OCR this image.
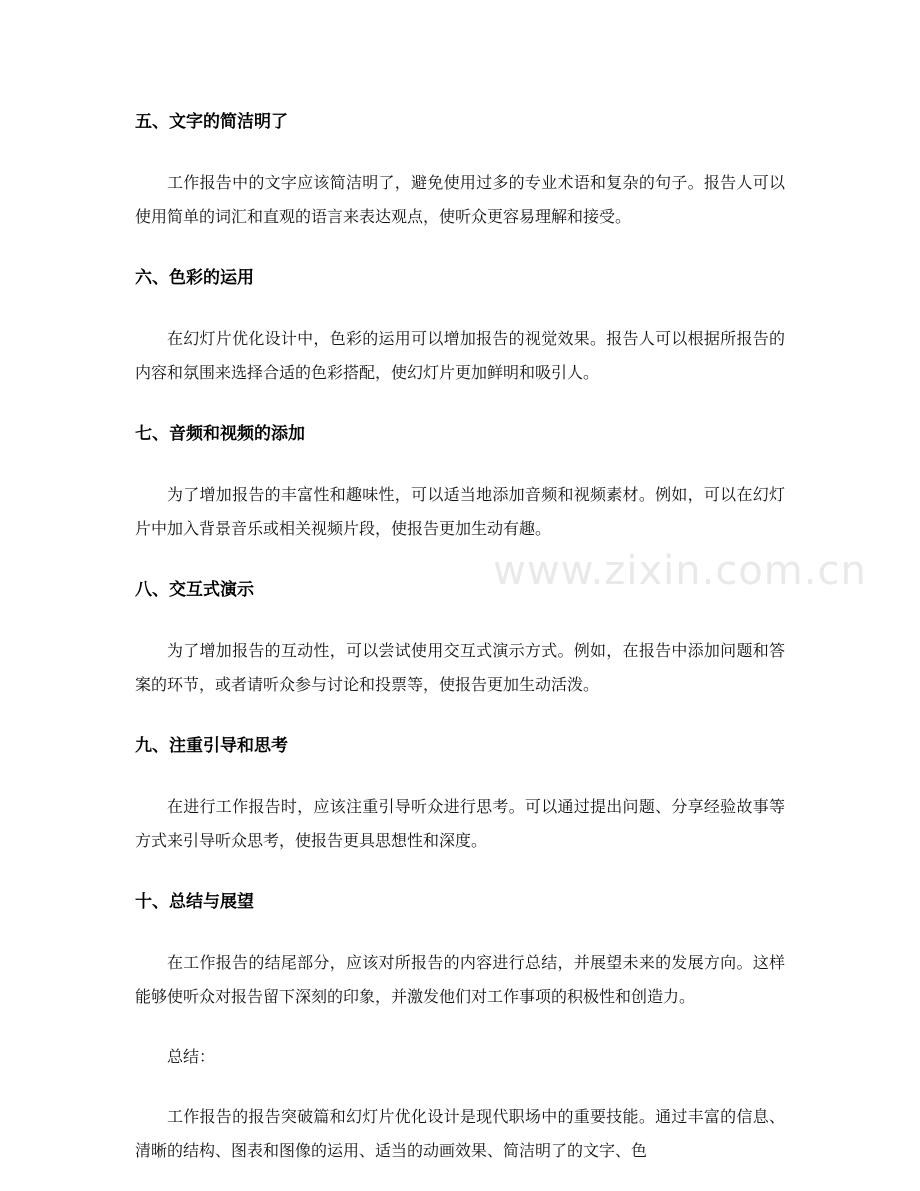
www.zixin.com.cn
五、文字的简洁明了

工作报告中的文字应该简洁明了，避免使用过多的专业术语和复杂的句子。报告人可以使用简单的词汇和直观的语言来表达观点，使听众更容易理解和接受。

六、色彩的运用

在幻灯片优化设计中，色彩的运用可以增加报告的视觉效果。报告人可以根据所报告的内容和氛围来选择合适的色彩搭配，使幻灯片更加鲜明和吸引人。

七、音频和视频的添加

为了增加报告的丰富性和趣味性，可以适当地添加音频和视频素材。例如，可以在幻灯片中加入背景音乐或相关视频片段，使报告更加生动有趣。

八、交互式演示

为了增加报告的互动性，可以尝试使用交互式演示方式。例如，在报告中添加问题和答案的环节，或者请听众参与讨论和投票等，使报告更加生动活泼。

九、注重引导和思考

在进行工作报告时，应该注重引导听众进行思考。可以通过提出问题、分享经验故事等方式来引导听众思考，使报告更具思想性和深度。

十、总结与展望

在工作报告的结尾部分，应该对所报告的内容进行总结，并展望未来的发展方向。这样能够使听众对报告留下深刻的印象，并激发他们对工作事项的积极性和创造力。

总结：

工作报告的报告突破篇和幻灯片优化设计是现代职场中的重要技能。通过丰富的信息、清晰的结构、图表和图像的运用、适当的动画效果、简洁明了的文字、色
